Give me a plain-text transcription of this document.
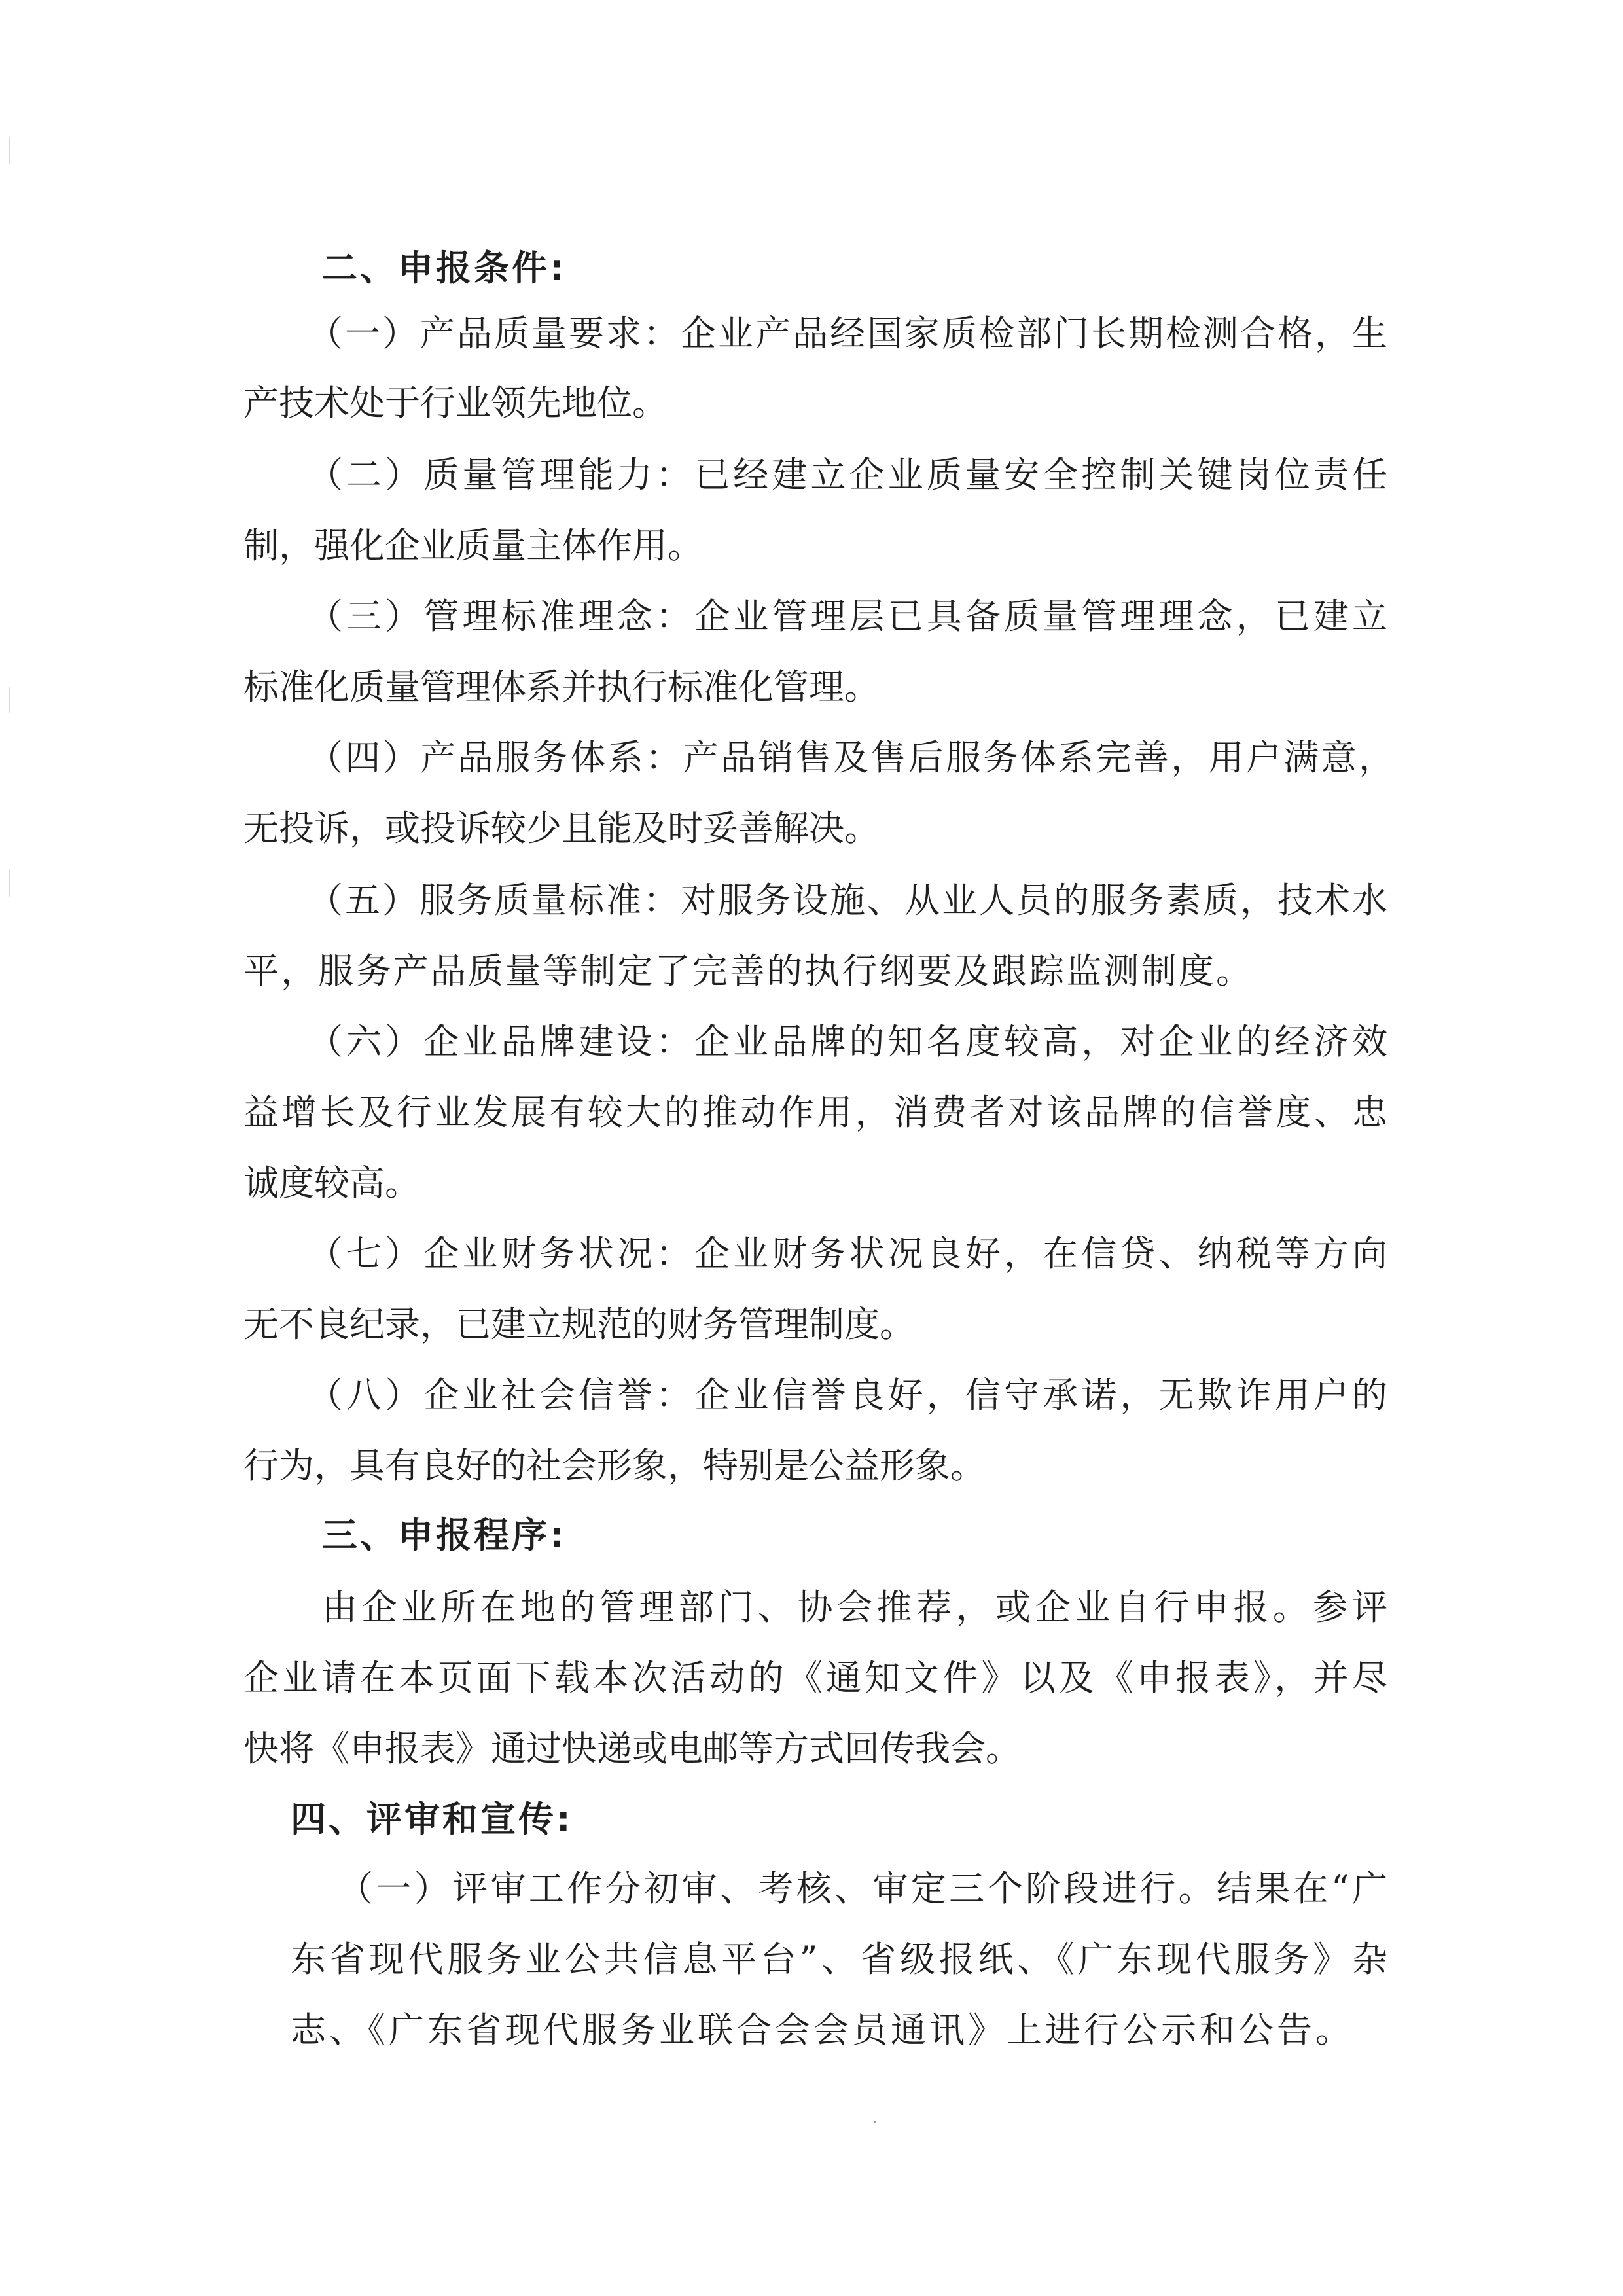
二、申报条件:
（一）产品质量要求：企业产品经国家质检部门长期检测合格，生
产技术处于行业领先地位。
（二）质量管理能力：已经建立企业质量安全控制关键岗位责任
制，强化企业质量主体作用。
（三）管理标准理念：企业管理层已具备质量管理理念，已建立
标准化质量管理体系并执行标准化管理。
（四）产品服务体系：产品销售及售后服务体系完善，用户满意，
无投诉，或投诉较少且能及时妥善解决。
（五）服务质量标准：对服务设施、从业人员的服务素质，技术水
平，服务产品质量等制定了完善的执行纲要及跟踪监测制度。
（六）企业品牌建设：企业品牌的知名度较高，对企业的经济效
益增长及行业发展有较大的推动作用，消费者对该品牌的信誉度、忠
诚度较高。
（七）企业财务状况：企业财务状况良好，在信贷、纳税等方向
无不良纪录，已建立规范的财务管理制度。
（八）企业社会信誉：企业信誉良好，信守承诺，无欺诈用户的
行为，具有良好的社会形象，特别是公益形象。
三、申报程序:
由企业所在地的管理部门、协会推荐，或企业自行申报。参评
企业请在本页面下载本次活动的《通知文件》以及《申报表》，并尽
快将《申报表》通过快递或电邮等方式回传我会。
四、评审和宣传:
（一）评审工作分初审、考核、审定三个阶段进行。结果在“广
东省现代服务业公共信息平台”、省级报纸、《广东现代服务》杂
志、《广东省现代服务业联合会会员通讯》上进行公示和公告。
